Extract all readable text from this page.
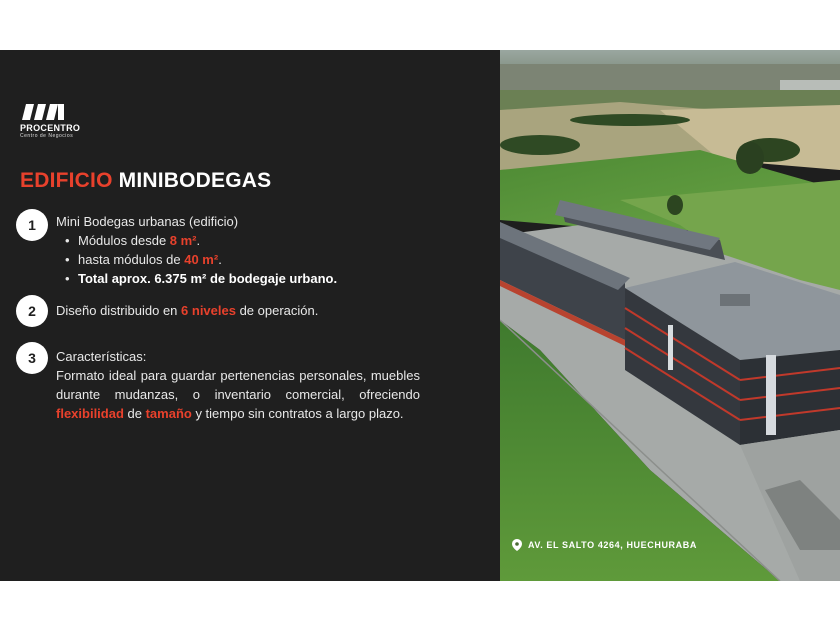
PROCENTRO
Centro de Negocios
EDIFICIO MINIBODEGAS
1	Mini Bodegas urbanas (edificio)
• Módulos desde 8 m².
• hasta módulos de 40 m².
• Total aprox. 6.375 m² de bodegaje urbano.
2	Diseño distribuido en 6 niveles de operación.
3	Características:
Formato ideal para guardar pertenencias personales, muebles durante mudanzas, o inventario comercial, ofreciendo flexibilidad de tamaño y tiempo sin contratos a largo plazo.
AV. EL SALTO 4264, HUECHURABA
